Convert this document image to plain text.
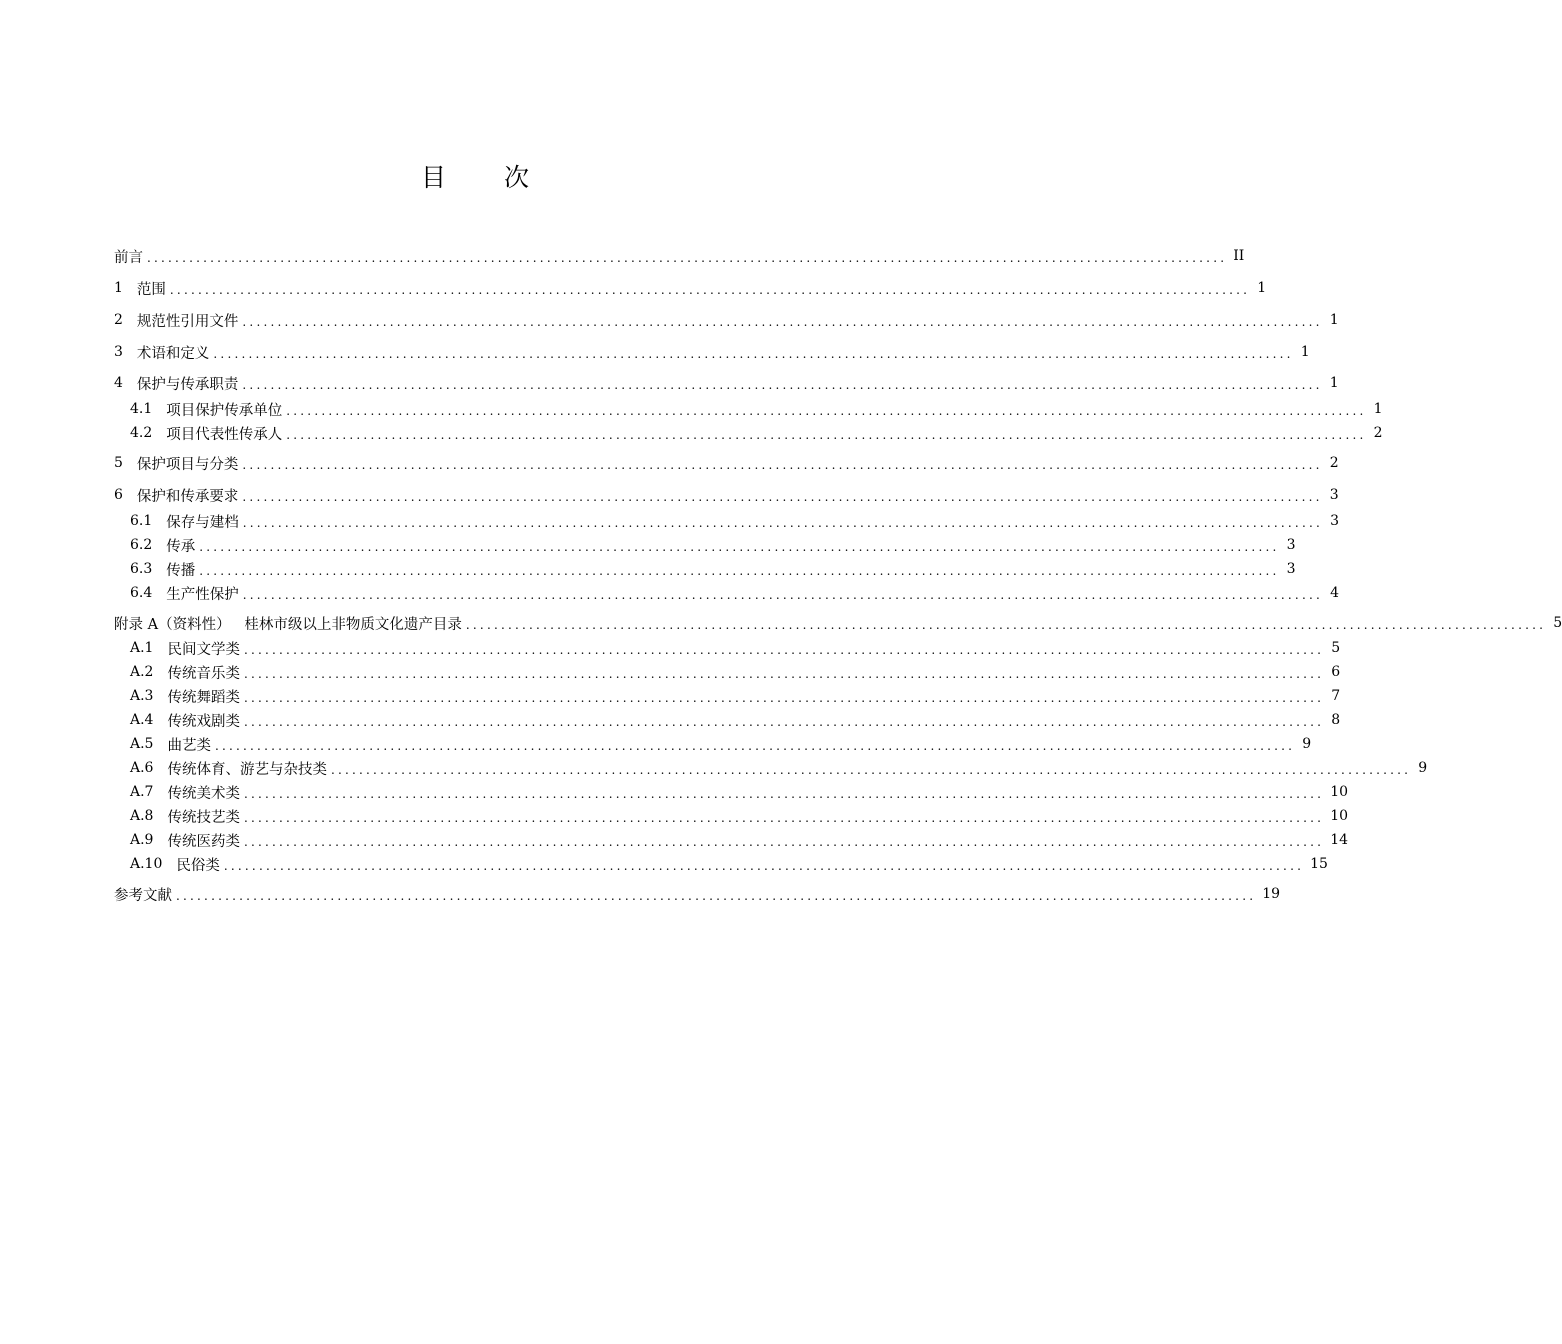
目 次
前言 .......................................................................................................................................................... II
1 范围 .......................................................................................................................................................... 1
2 规范性引用文件 .......................................................................................................................................................... 1
3 术语和定义 .......................................................................................................................................................... 1
4 保护与传承职责 .......................................................................................................................................................... 1
4.1 项目保护传承单位 .......................................................................................................................................................... 1
4.2 项目代表性传承人 .......................................................................................................................................................... 2
5 保护项目与分类 .......................................................................................................................................................... 2
6 保护和传承要求 .......................................................................................................................................................... 3
6.1 保存与建档 .......................................................................................................................................................... 3
6.2 传承 .......................................................................................................................................................... 3
6.3 传播 .......................................................................................................................................................... 3
6.4 生产性保护 .......................................................................................................................................................... 4
附录 A（资料性）   桂林市级以上非物质文化遗产目录 .......................................................................................................................................................... 5
A.1 民间文学类 .......................................................................................................................................................... 5
A.2 传统音乐类 .......................................................................................................................................................... 6
A.3 传统舞蹈类 .......................................................................................................................................................... 7
A.4 传统戏剧类 .......................................................................................................................................................... 8
A.5 曲艺类 .......................................................................................................................................................... 9
A.6 传统体育、游艺与杂技类 .......................................................................................................................................................... 9
A.7 传统美术类 .......................................................................................................................................................... 10
A.8 传统技艺类 .......................................................................................................................................................... 10
A.9 传统医药类 .......................................................................................................................................................... 14
A.10 民俗类 .......................................................................................................................................................... 15
参考文献 .......................................................................................................................................................... 19
